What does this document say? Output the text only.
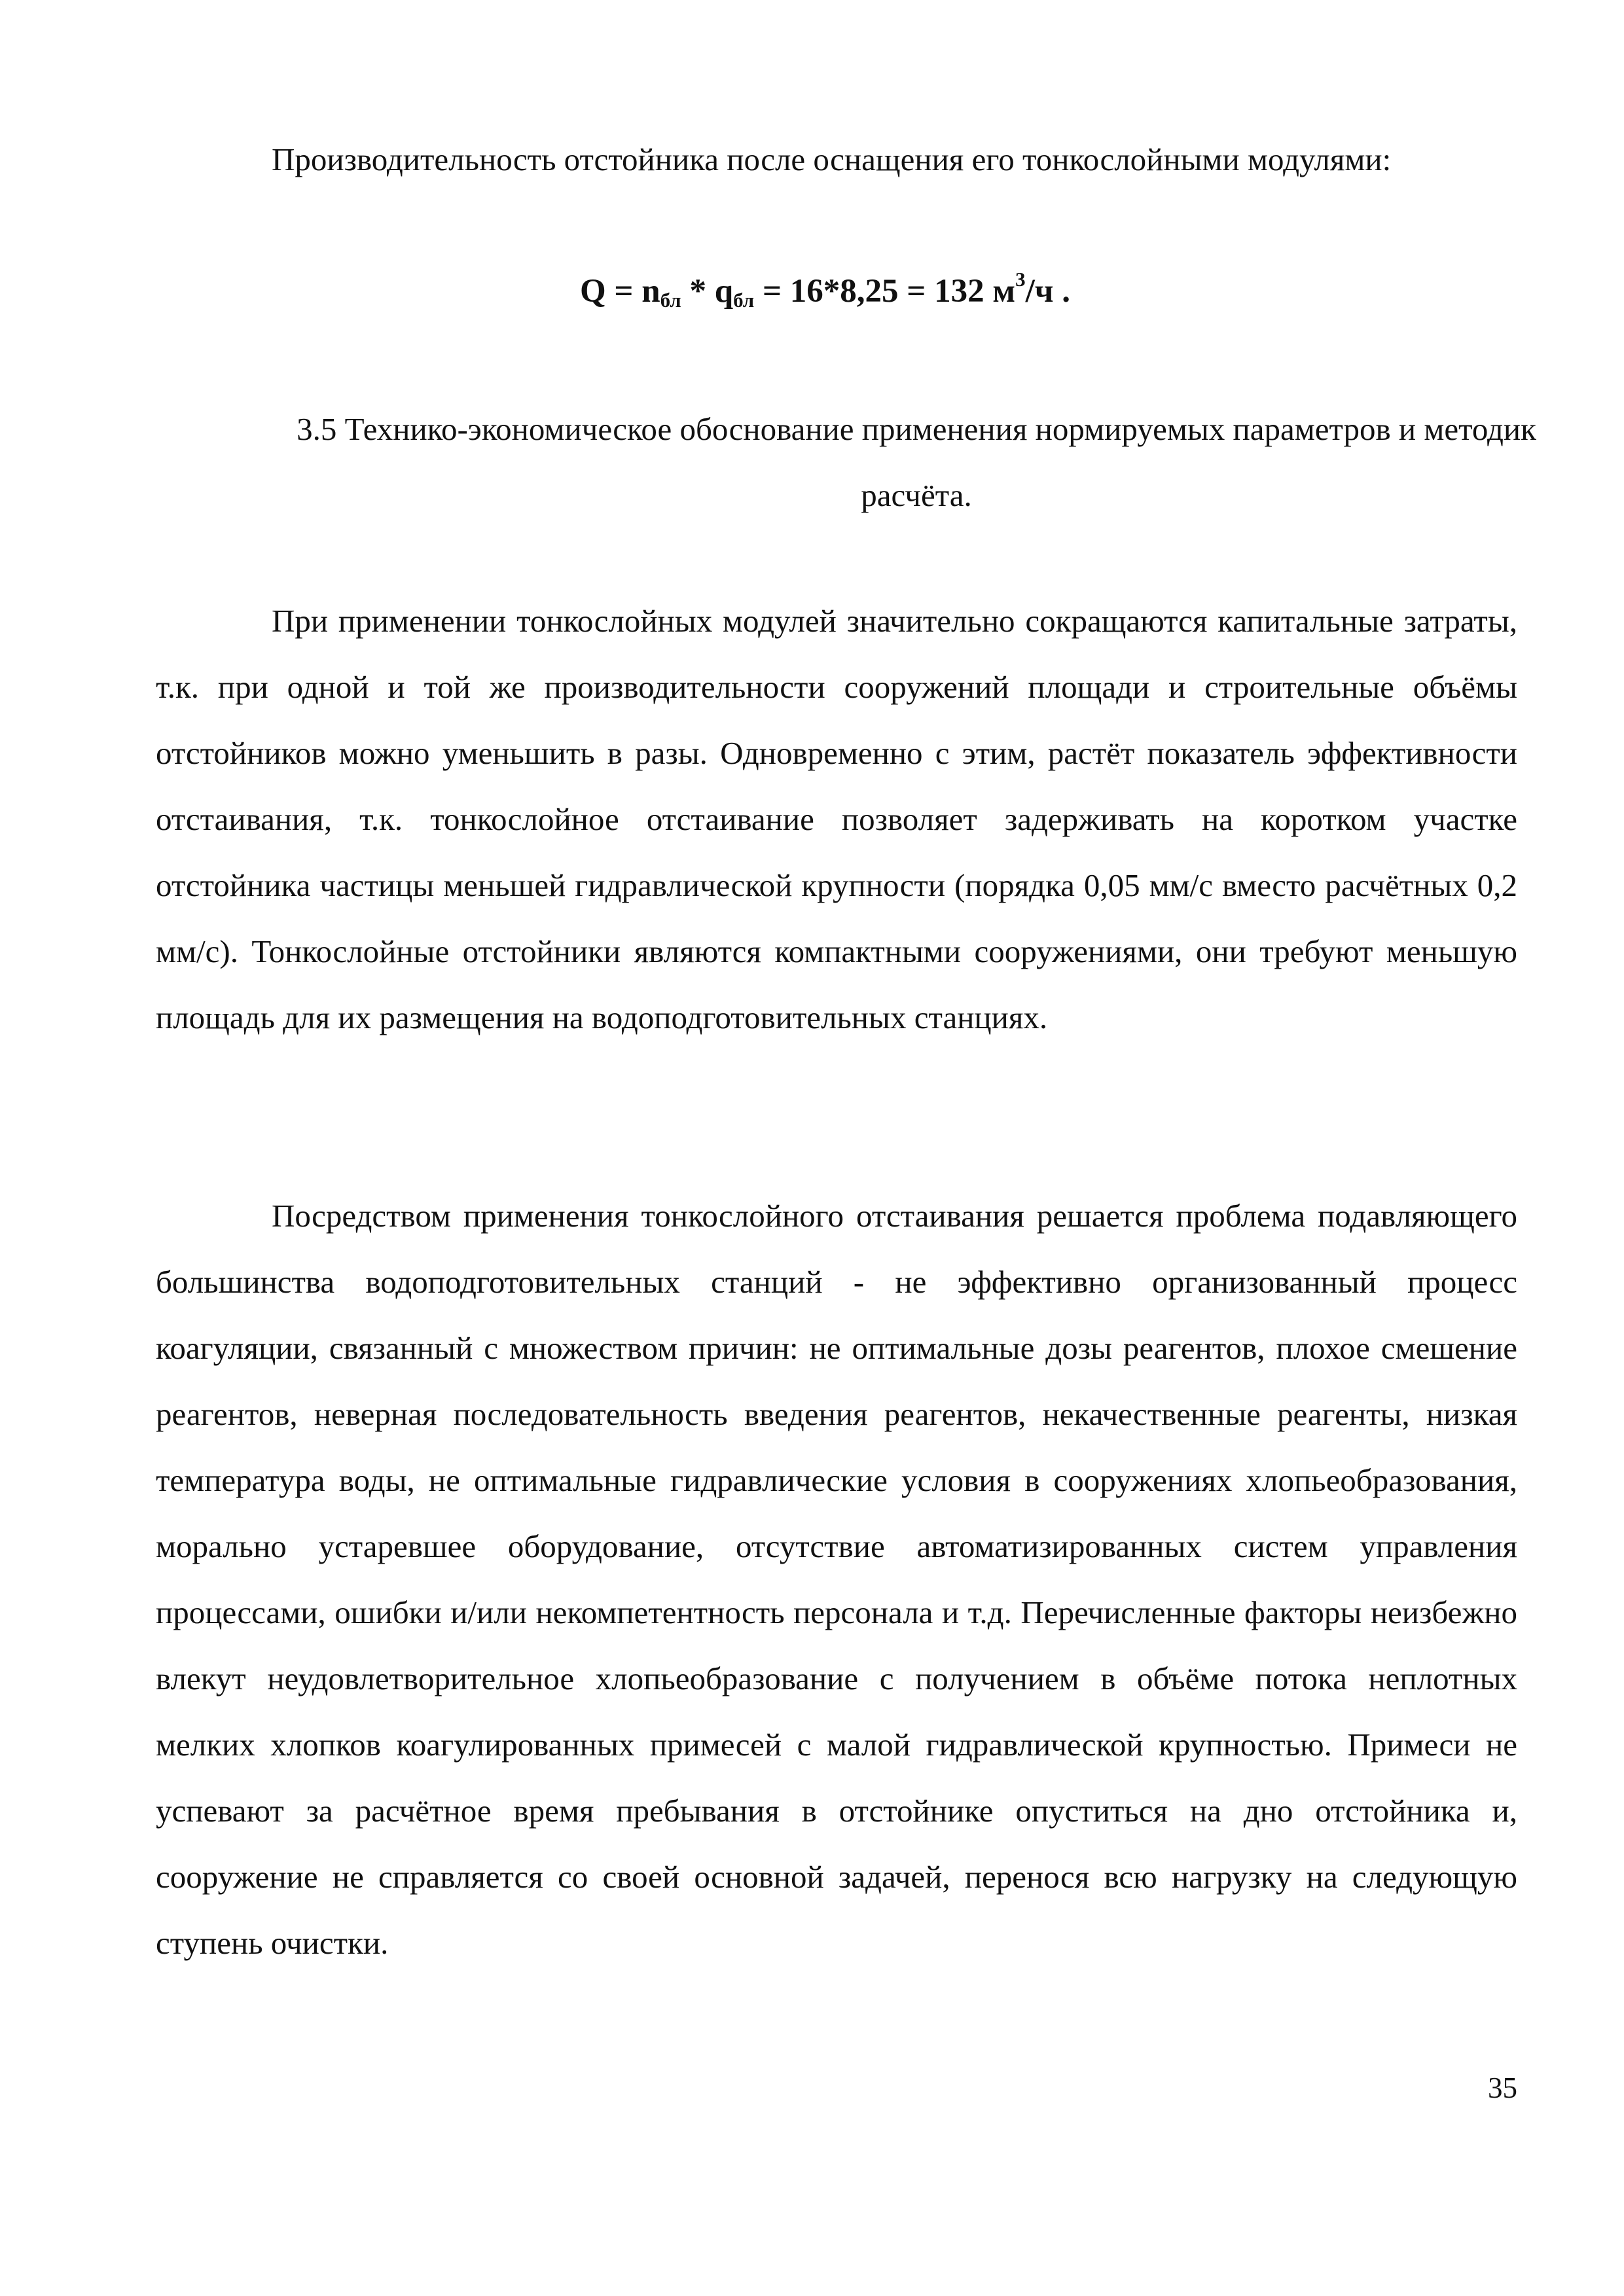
Производительность отстойника после оснащения его тонкослойными модулями:

$Q = n_{бл} * q_{бл} = 16*8,25 = 132$ $м^3/ч$ .

3.5 Технико-экономическое обоснование применения нормируемых параметров и методик расчёта.

При применении тонкослойных модулей значительно сокращаются капитальные затраты, т.к. при одной и той же производительности сооружений площади и строительные объёмы отстойников можно уменьшить в разы. Одновременно с этим, растёт показатель эффективности отстаивания, т.к. тонкослойное отстаивание позволяет задерживать на коротком участке отстойника частицы меньшей гидравлической крупности (порядка 0,05 мм/с вместо расчётных 0,2 мм/с). Тонкослойные отстойники являются компактными сооружениями, они требуют меньшую площадь для их размещения на водоподготовительных станциях.

Посредством применения тонкослойного отстаивания решается проблема подавляющего большинства водоподготовительных станций - не эффективно организованный процесс коагуляции, связанный с множеством причин: не оптимальные дозы реагентов, плохое смешение реагентов, неверная последовательность введения реагентов, некачественные реагенты, низкая температура воды, не оптимальные гидравлические условия в сооружениях хлопьеобразования, морально устаревшее оборудование, отсутствие автоматизированных систем управления процессами, ошибки и/или некомпетентность персонала и т.д. Перечисленные факторы неизбежно влекут неудовлетворительное хлопьеобразование с получением в объёме потока неплотных мелких хлопков коагулированных примесей с малой гидравлической крупностью. Примеси не успевают за расчётное время пребывания в отстойнике опуститься на дно отстойника и, сооружение не справляется со своей основной задачей, перенося всю нагрузку на следующую ступень очистки.

35
